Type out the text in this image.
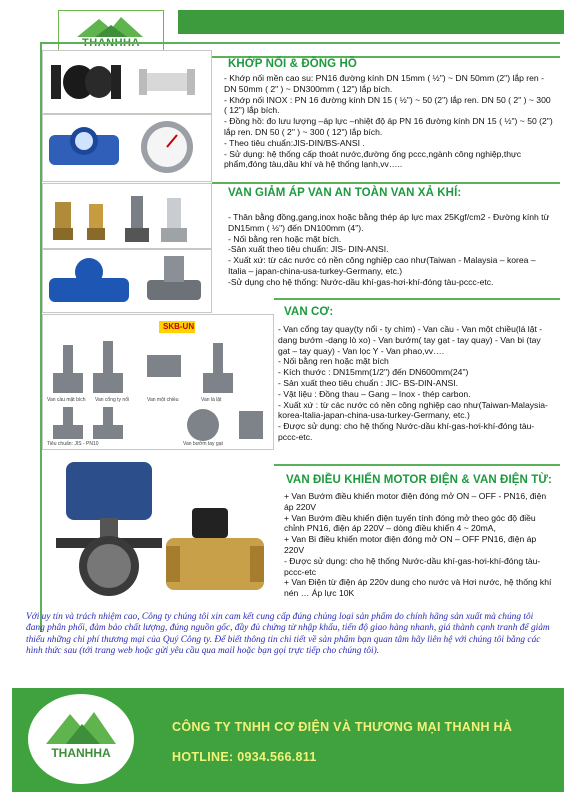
KHỚP NỐI & ĐỒNG HỒ
- Khớp nối mền cao su: PN16 đường kính DN 15mm ( ½") ~ DN 50mm (2") lắp ren - DN 50mm ( 2" ) ~ DN300mm ( 12") lắp bích.
- Khớp nối INOX : PN 16 đường kính DN 15 ( ½") ~ 50 (2") lắp ren. DN 50 ( 2" ) ~ 300 ( 12") lắp bích.
- Đồng hồ: đo lưu lượng –áp lực –nhiệt độ áp PN 16 đường kính DN 15 ( ½") ~ 50 (2") lắp ren. DN 50 ( 2" ) ~ 300 ( 12") lắp bích.
- Theo tiêu chuẩn:JIS-DIN/BS-ANSI .
- Sử dụng: hệ thống cấp thoát nước,đường ống pccc,ngành công nghiệp,thực phẩm,đóng tàu,dầu khí và hệ thống lạnh,vv…..
VAN GIẢM ÁP VAN AN TOÀN VAN XẢ KHÍ:
- Thân bằng đồng,gang,inox hoặc bằng thép áp lực max 25Kgf/cm2 - Đường kính từ DN15mm ( ½") đến DN100mm (4").
- Nối bằng ren hoặc mặt bích.
-Sản xuất theo tiêu chuẩn: JIS- DIN-ANSI.
- Xuất xứ: từ các nước có nền công nghiệp cao như(Taiwan - Malaysia – korea – Italia – japan-china-usa-turkey-Germany, etc.)
-Sử dụng cho hệ thống: Nước-dầu khí-gas-hơi-khí-đóng tàu-pccc-etc.
SKB-UN
Van cầu mặt bích Van cổng ty nổi	Van một chiều	Van lá lật
Tiêu chuẩn: JIS - PN10	Van bướm tay gạt
VAN CƠ:
- Van cổng tay quay(ty nổi - ty chìm) - Van cầu - Van một chiều(lá lật - dạng bướm -dạng lò xo) - Van bướm( tay gạt - tay quay) - Van bi (tay gạt – tay quay) - Van lọc Y - Van phao,vv….
- Nối bằng ren hoặc mặt bích
- Kích thước : DN15mm(1/2") đến DN600mm(24")
- Sản xuất theo tiêu chuẩn : JIC- BS-DIN-ANSI.
- Vật liệu : Đồng thau – Gang – Inox - thép carbon.
- Xuất xứ : từ các nước có nền công nghiệp cao như(Taiwan-Malaysia-korea-Italia-japan-china-usa-turkey-Germany, etc.)
- Được sử dụng: cho hệ thống Nước-dầu khí-gas-hơi-khí-đóng tàu-pccc-etc.
VAN ĐIỀU KHIỂN MOTOR ĐIỆN & VAN ĐIỆN TỪ:
+ Van Bướm điều khiển motor điện đóng mở ON – OFF - PN16, điện áp 220V
+ Van Bướm điều khiển điện tuyến tính đóng mở theo góc độ điều chỉnh PN16, điện áp 220V – dòng điều khiển 4 ~ 20mA,
+ Van Bi điều khiển motor điện đóng mở ON – OFF PN16, điện áp 220V
- Được sử dụng: cho hệ thống Nước-dầu khí-gas-hơi-khí-đóng tàu-pccc-etc
+ Van Điện từ điện áp 220v dung cho nước và Hơi nước, hệ thống khí nén … Áp lực 10K
Với uy tín và trách nhiệm cao, Công ty chúng tôi xin cam kết cung cấp đúng chủng loại sản phẩm do chính hãng sản xuất mà chúng tôi đang phân phối, đảm bảo chất lượng, đúng nguồn gốc, đầy đủ chứng từ nhập khẩu, tiến độ giao hàng nhanh, giá thành cạnh tranh để giảm thiểu những chi phí thương mại của Quý Công ty. Để biết thông tin chi tiết về sản phẩm bạn quan tâm hãy liên hệ với chúng tôi bằng các hình thức sau (tới trang web hoặc gửi yêu cầu qua mail hoặc bạn gọi trực tiếp cho chúng tôi).
THANHHA
CÔNG TY TNHH CƠ ĐIỆN VÀ THƯƠNG MẠI THANH HÀ
HOTLINE: 0934.566.811
